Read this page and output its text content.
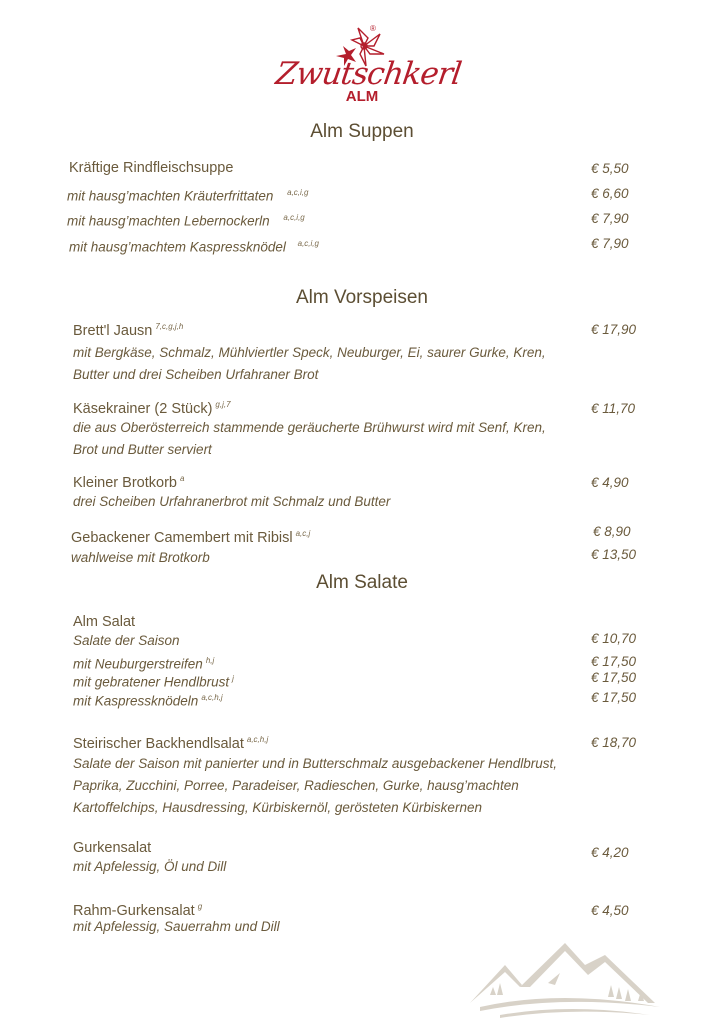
®
Zwutschkerl
ALM
Alm Suppen
Kräftige Rindfleischsuppe	€ 5,50
mit hausg’machten Kräuterfrittaten $^{a,c,i,g}$	€ 6,60
mit hausg’machten Lebernockerln $^{a,c,i,g}$	€ 7,90
mit hausg’machtem Kaspressknödel $^{a,c,i,g}$	€ 7,90
Alm Vorspeisen
Brett'l Jausn $^{7,c,g,j,h}$	€ 17,90
mit Bergkäse, Schmalz, Mühlviertler Speck, Neuburger, Ei, saurer Gurke, Kren,
Butter und drei Scheiben Urfahraner Brot
Käsekrainer (2 Stück) $^{g,j,7}$	€ 11,70
die aus Oberösterreich stammende geräucherte Brühwurst wird mit Senf, Kren,
Brot und Butter serviert
Kleiner Brotkorb $^a$	€ 4,90
drei Scheiben Urfahranerbrot mit Schmalz und Butter
Gebackener Camembert mit Ribisl $^{a,c,j}$	€ 8,90
wahlweise mit Brotkorb	€ 13,50
Alm Salate
Alm Salat
Salate der Saison	€ 10,70
mit Neuburgerstreifen $^{h,j}$	€ 17,50
mit gebratener Hendlbrust $^j$	€ 17,50
mit Kaspressknödeln $^{a,c,h,j}$	€ 17,50
Steirischer Backhendlsalat $^{a,c,h,j}$	€ 18,70
Salate der Saison mit panierter und in Butterschmalz ausgebackener Hendlbrust,
Paprika, Zucchini, Porree, Paradeiser, Radieschen, Gurke, hausg’machten
Kartoffelchips, Hausdressing, Kürbiskernöl, gerösteten Kürbiskernen
Gurkensalat	€ 4,20
mit Apfelessig, Öl und Dill
Rahm-Gurkensalat $^g$	€ 4,50
mit Apfelessig, Sauerrahm und Dill
